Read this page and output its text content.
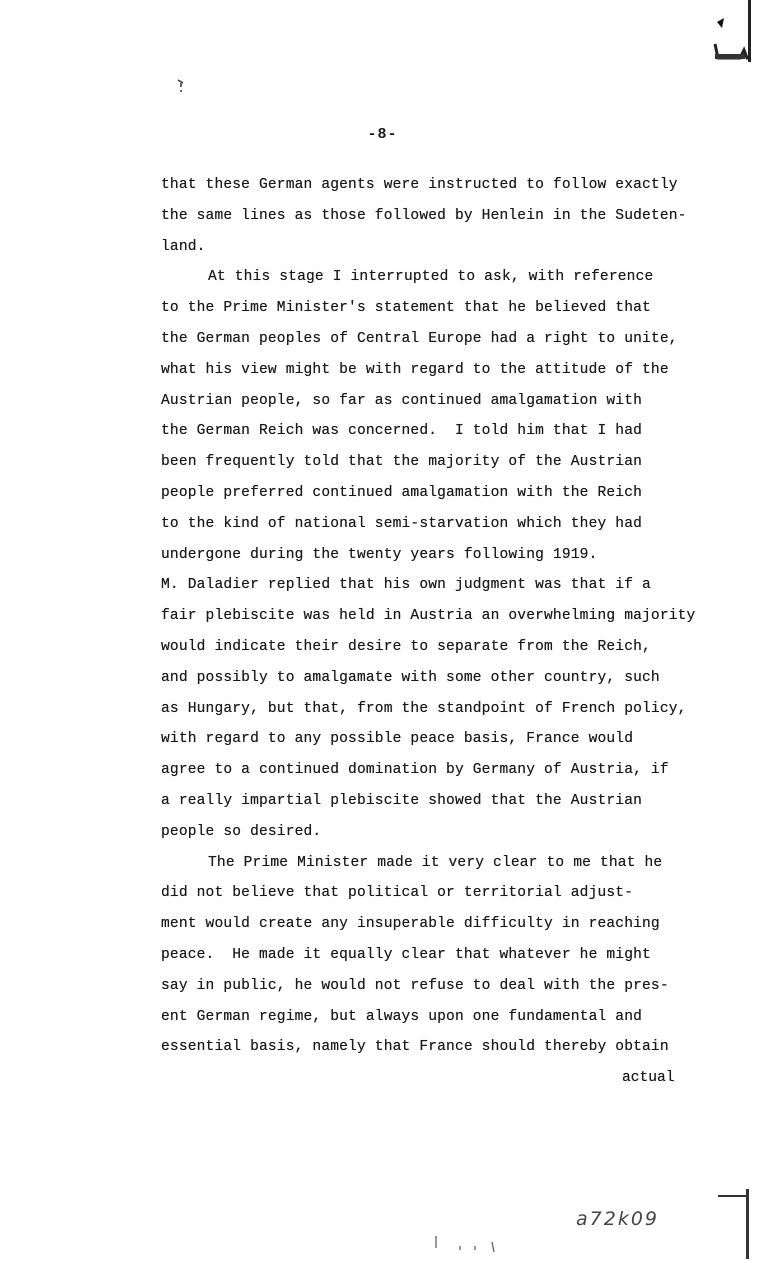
-8-
that these German agents were instructed to follow exactly
the same lines as those followed by Henlein in the Sudeten-
land.
At this stage I interrupted to ask, with reference
to the Prime Minister's statement that he believed that
the German peoples of Central Europe had a right to unite,
what his view might be with regard to the attitude of the
Austrian people, so far as continued amalgamation with
the German Reich was concerned.  I told him that I had
been frequently told that the majority of the Austrian
people preferred continued amalgamation with the Reich
to the kind of national semi-starvation which they had
undergone during the twenty years following 1919.
M. Daladier replied that his own judgment was that if a
fair plebiscite was held in Austria an overwhelming majority
would indicate their desire to separate from the Reich,
and possibly to amalgamate with some other country, such
as Hungary, but that, from the standpoint of French policy,
with regard to any possible peace basis, France would
agree to a continued domination by Germany of Austria, if
a really impartial plebiscite showed that the Austrian
people so desired.
The Prime Minister made it very clear to me that he
did not believe that political or territorial adjust-
ment would create any insuperable difficulty in reaching
peace.  He made it equally clear that whatever he might
say in public, he would not refuse to deal with the pres-
ent German regime, but always upon one fundamental and
essential basis, namely that France should thereby obtain
actual
a72k09
